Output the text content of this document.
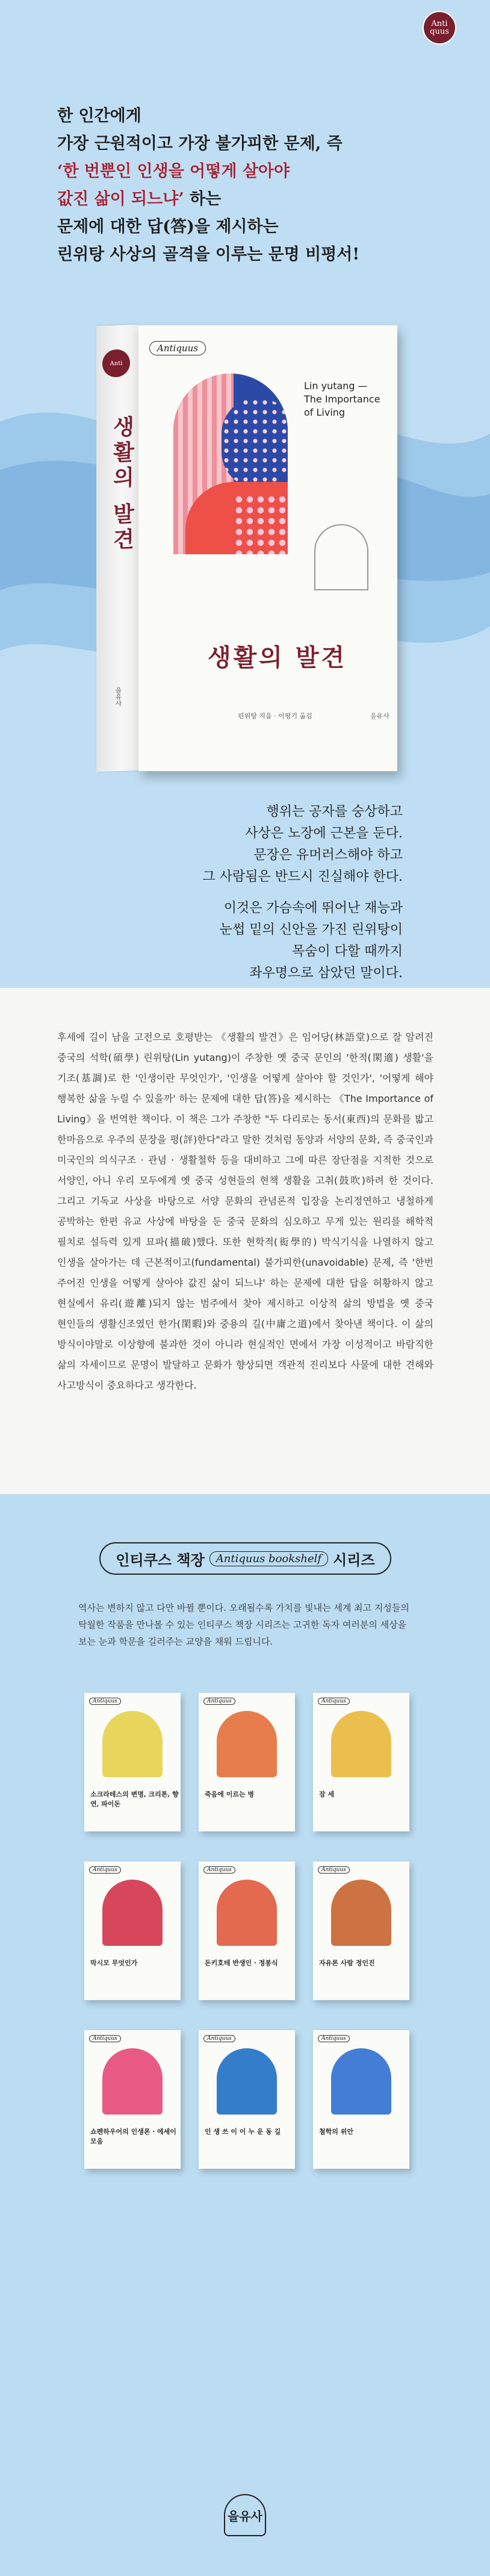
Anti
quus
한 인간에게
가장 근원적이고 가장 불가피한 문제, 즉
‘한 번뿐인 인생을 어떻게 살아야
값진 삶이 되느냐’ 하는
문제에 대한 답(答)을 제시하는
린위탕 사상의 골격을 이루는 문명 비평서!
Anti
생활의 발견
을유사
Antiquus
Lin yutang —
The Importance
of Living
생활의 발견
린위탕 지음 · 이평기 옮김	을유사
행위는 공자를 숭상하고
사상은 노장에 근본을 둔다.
문장은 유머러스해야 하고
그 사람됨은 반드시 진실해야 한다.
이것은 가슴속에 뛰어난 재능과
눈썹 밑의 신안을 가진 린위탕이
목숨이 다할 때까지
좌우명으로 삼았던 말이다.

후세에 길이 남을 고전으로 호평받는 《생활의 발견》은 임어당(林語堂)으로 잘 알려진 중국의 석학(碩學) 린위탕(Lin yutang)이 주창한 옛 중국 문인의 '한적(閑適) 생활'을 기조(基調)로 한 '인생이란 무엇인가', '인생을 어떻게 살아야 할 것인가', '어떻게 해야 행복한 삶을 누릴 수 있을까' 하는 문제에 대한 답(答)을 제시하는 《The Importance of Living》을 번역한 책이다. 이 책은 그가 주창한 "두 다리로는 동서(東西)의 문화를 밟고 한마음으로 우주의 문장을 평(評)한다"라고 말한 것처럼 동양과 서양의 문화, 즉 중국인과 미국인의 의식구조 · 관념 · 생활철학 등을 대비하고 그에 따른 장단점을 지적한 것으로 서양인, 아니 우리 모두에게 옛 중국 성현들의 현책 생활을 고취(鼓吹)하려 한 것이다. 그리고 기독교 사상을 바탕으로 서양 문화의 관념론적 입장을 논리정연하고 냉철하게 공박하는 한편 유교 사상에 바탕을 둔 중국 문화의 심오하고 무게 있는 원리를 해학적 필치로 설득력 있게 묘파(描破)했다. 또한 현학적(衒學的) 박식기식을 나열하지 않고 인생을 살아가는 데 근본적이고(fundamental) 불가피한(unavoidable) 문제, 즉 '한번 주어진 인생을 어떻게 살아야 값진 삶이 되느냐' 하는 문제에 대한 답을 허황하지 않고 현실에서 유리(遊離)되지 않는 범주에서 찾아 제시하고 이상적 삶의 방법을 옛 중국 현인들의 생활신조였던 한가(閑暇)와 중용의 길(中庸之道)에서 찾아낸 책이다. 이 삶의 방식이야말로 이상향에 불과한 것이 아니라 현실적인 면에서 가장 이성적이고 바람직한 삶의 자세이므로 문명이 발달하고 문화가 향상되면 객관적 진리보다 사물에 대한 견해와 사고방식이 중요하다고 생각한다.

인티쿠스 책장	Antiquus bookshelf 시리즈
역사는 변하지 않고 다만 바뀔 뿐이다. 오래될수록 가치를 빛내는 세계 최고 지성들의 탁월한 작품을 만나볼 수 있는 인티쿠스 책장 시리즈는 고귀한 독자 여러분의 세상을 보는 눈과 학문을 길러주는 교양을 채워 드립니다.
Antiquus
소크라테스의 변명, 크리톤, 향연, 파이돈
Antiquus
죽음에 이르는 병
Antiquus
잠 세
Antiquus
막시모 무엇인가
Antiquus
돈키호테 반생인 · 정봉식
Antiquus
자유론 사람 정인진
Antiquus
쇼펜하우어의 인생론 · 에세이 모음
Antiquus
인 생 쓰 이 이 누 운 동 길
Antiquus
철학의 위안
을유사
